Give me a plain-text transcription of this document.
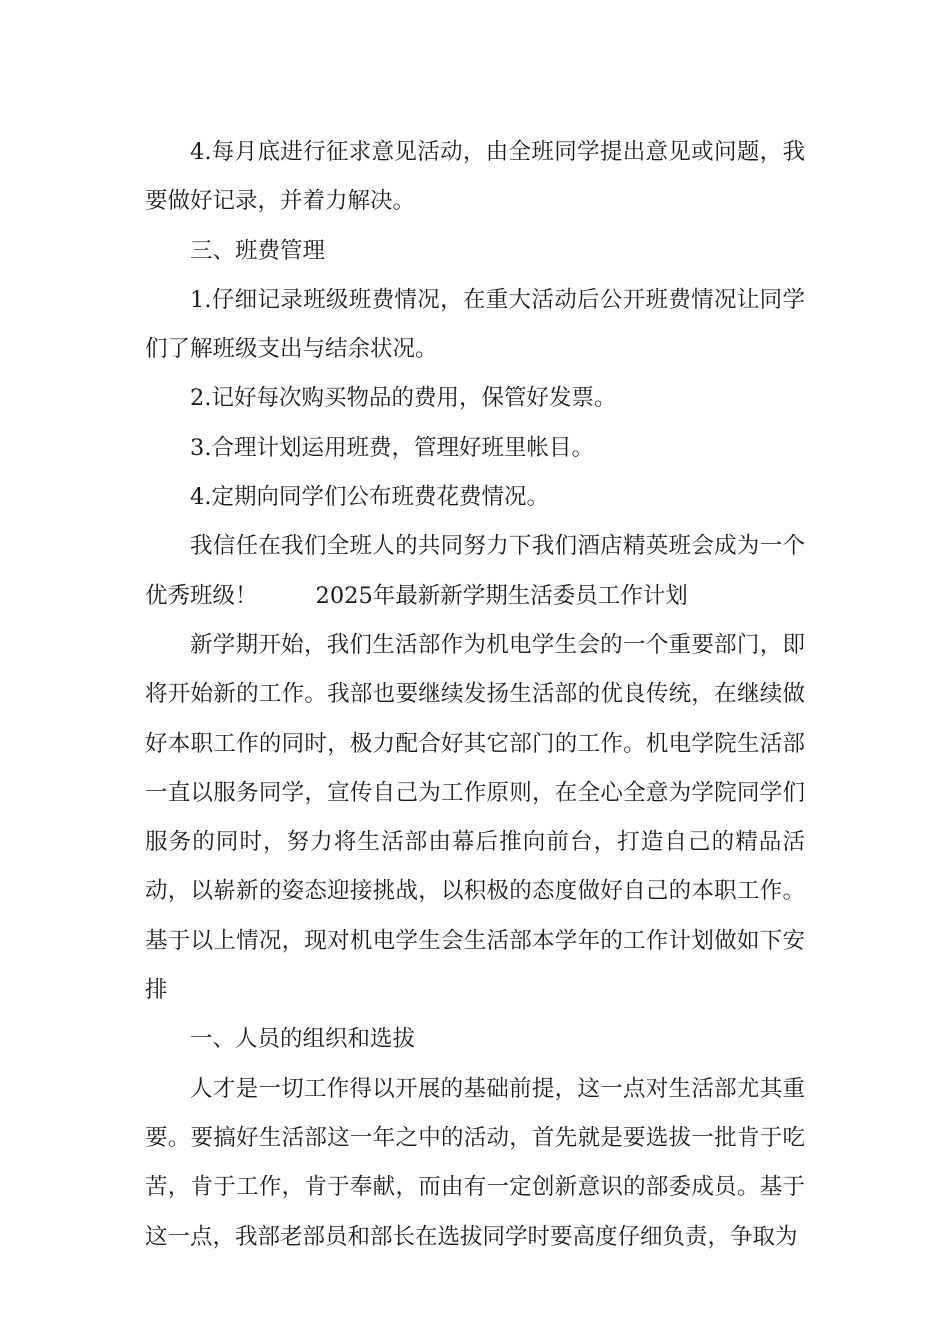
4.每月底进行征求意见活动，由全班同学提出意见或问题，我要做好记录，并着力解决。

三、班费管理

1.仔细记录班级班费情况，在重大活动后公开班费情况让同学们了解班级支出与结余状况。

2.记好每次购买物品的费用，保管好发票。

3.合理计划运用班费，管理好班里帐目。

4.定期向同学们公布班费花费情况。

我信任在我们全班人的共同努力下我们酒店精英班会成为一个优秀班级！	2025年最新新学期生活委员工作计划

新学期开始，我们生活部作为机电学生会的一个重要部门，即将开始新的工作。我部也要继续发扬生活部的优良传统，在继续做好本职工作的同时，极力配合好其它部门的工作。机电学院生活部一直以服务同学，宣传自己为工作原则，在全心全意为学院同学们服务的同时，努力将生活部由幕后推向前台，打造自己的精品活动，以崭新的姿态迎接挑战，以积极的态度做好自己的本职工作。基于以上情况，现对机电学生会生活部本学年的工作计划做如下安排

一、人员的组织和选拔

人才是一切工作得以开展的基础前提，这一点对生活部尤其重要。要搞好生活部这一年之中的活动，首先就是要选拔一批肯于吃苦，肯于工作，肯于奉献，而由有一定创新意识的部委成员。基于这一点，我部老部员和部长在选拔同学时要高度仔细负责，争取为
